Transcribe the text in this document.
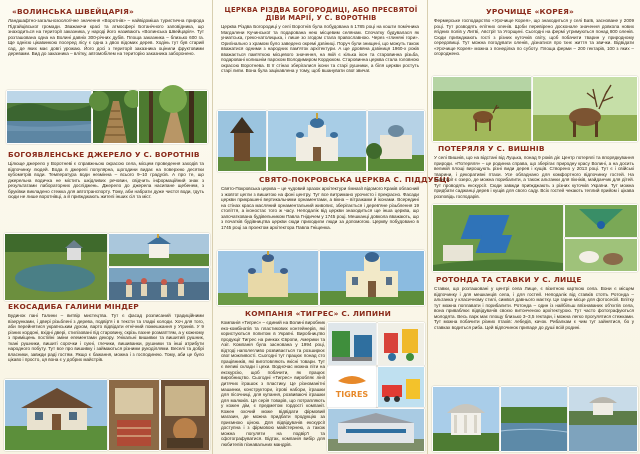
«ВОЛИНСЬКА ШВЕЙЦАРІЯ»
Ландшафтно-загальнозоологічне значення «Воротнів» – найвідоміша туристична природа Підгайцівської громади. Зважаючи красі та атмосфері Ботанічного заповідника, що знаходиться на території заказника, у народі його називають «Волинська Швейцарія». Тут розташована одна на Волині давніх 300-річних дубів. Площа заказника – близько 600 га. Ще однією цікавинкою посеред лісу є одна з двох відомих дерев. Ходінь тут був старий сад, де яких має довгі урожаю. Його досі з території заказника оцінили фруктовими деревами. Вид до заказника – влітку, автомобілем на територію заказника заборонено.
БОГОЯВЛЕНСЬКЕ ДЖЕРЕЛО У С. ВОРОТНІВ
Цілюще джерело у Воротневі є справжньою окрасою села, місцем проведення заходів та відпочинку людей. Вода в джерелі популярна, щогодини видає на поверхню десятки кубометрів води. Температура води незмінна – всього 9–10 градусів. А про те, що джерельна водичка не містить шкідливих речовин, свідчить інформаційний знак з результатами лабораторних досліджень. Джерело до джерела насипане щебенем, з бруківки викладено стежка для автотранспорту. Тому, аби набрати дуже чистої води, їдуть сюди не лише воротнівці, а й приїжджають жителі інших сіл та міст.
ЕКОСАДИБА ГАЛИНИ МІНДЕР
Будинок пані Галини – витвір мистецтва. Тут є фасад розписаний традиційними візерунками, і двері різьблені з дерева, подвір'я і в тексти та гладкі колоди. Хоч для того, аби перейнятися українським духом, варто відвідати етнічний помешкання у Угринів. У 9 різних кордоні, вхідні двері, стилізовані під старовину, скрізь пахне розмаїттям, а у кожному з приміщень постійні зміни елементами декору. Унікальні вишивки та вишитий рушник, ткані рушники, вишиті сорочки і сукні, глечики, вишиванки, рушники та інші атрибути народного побуту. Тут все про вишивку і займаються різними рукоділлями. Веселі та добрі власники, завжди раді гостям. Якщо є бажання, можна і з господинею. Тому, аби це було цікаво і просто, ця вона є у добрих майстрів.
ЦЕРКВА РІЗДВА БОГОРОДИЦІ, АБО ПРЕСВЯТОЇ ДІВИ МАРІЇ, У С. ВОРОТНІВ
Церква Різдва Богородиці у селі Воротнів була побудована в 1785 році на кошти помічника Магдалени Кучинської та подарована нею місцевим селянам. Спочатку будувалася як униатська, греко-католицька, і лише зо згодом стала православною. Через «глиняні гори». Оригінально з храмом було заведено окремі дзвіниці. Поруч були знищені, що можуть також вважатися одними з народних пам'яток архітектури. А ще дровяна дзвіниця 1960-х років вважається пам'яткою місцевого значення, на якій є кілька ікон та старовинна різьба, подаровані колишнім парохом Володимиром Кордюком. Старовинна церква стала головною окрасою Воротнева. В її стінах зберігалися ікони та старі рушники, а біля церкви ростуть старі липи. Вона була зацікавлена у тому, щоб вшанувати свої звичаї.
СВЯТО-ПОКРОВСЬКА ЦЕРКВА С. ПІДДУБЦІ
Свято-Покровська церква – це чудовий зразок архітектури гімназії відомого Краків обласний з жовтої цегли з вишитою на фоні центру. Тут все витримано урочисто і прекрасно. Фасади церкви прикрашені вертикальними орнаментами, а вікна – вітражами й іконами. Всередині на стінах краса масляний орнаментальний живопис, зберігається і дерев'яне різьблення 19 століття, а іконостас того ж часу. Неподалік від церкви знаходиться ще інша церква, що започаткована будівельником Павла Гнідичем у 1745 році. Мешканці довкола вважають, що з початків будівництва церкви сюди приходили люди за допомогою. Церкву побудовано в 1745 році за проектом архітектора Павла Гніщенка.
КОМПАНІЯ «ТИГРЕС» С. ЛИПИНИ
Компанія «Тигрес» – єдиний на Волині виробник еко-комбінатів та пластикових контейнерів, які користуються попитом в Україні. Виробництво продукції Тигрес на ринках Європи, Америки та Азії. Компанія була заснована у 1994 році, відтоді наполегливо розвивається та розширює свої можливості. Сьогодні тут працює понад сто працівників, які виготовляють якісні товари. Тут є великі склади і цехи. Водночас можна піти на екскурсію, щоб побачити, як працює виробництво. Сьогодні «Тигрес» виробляє лінії дитячих іграшок з пластику. Це різноманітні машинки, конструктори, ігрові набори, іграшки для пісочниці, для купання, розвиваючі іграшки для малюків. Ця серія товарів, що потрапляють у кожен дім, є предметом гордості компанії. Кожен охочий може відвідати фірмовий магазин, де можна придбати продукцію за приємною ціною. Для відвідувачів екскурсії доступна і з фірмовою майстернею, а також можна погуляти на подвір'ї та сфотографуватися. Відтак, компанія вибір для любителів пізнавальних мандрів.
TIGRES
УРОЧИЩЕ «КОРЕЯ»
Фермерське господарство «Урочище Корея», що знаходиться у селі Баїв, засноване у 2009 році. Тут розводять елітних оленів. Щоби перевірено досконале значення довкола нових ягідних полів у Литві, Австрії та Угорщині. Сьогодні на фермі утримуються понад 800 оленів. Сюди приїжджають гості з різних куточків світу, щоб побачити тварин у природному середовищі. Тут можна погодувати оленів, дізнатися про їхнє життя та звички. Відвідати «Урочище Корея» можна з понеділка по суботу. Площа ферми – 200 гектарів, 100 з яких – огороджено.
ПОТЕРЯЛЯ У С. ВИШНІВ
У селі Вишнів, що на відстані від Луцька, понад 9 років діє Центр потерялі та впорядкування природи. «Потеряля» – це родинна справа, що зберігає природну красу Волині, а на досить великій площі вирощують різні види дерев і кущів. Створено у 2013 році. Тут є і свійські тварини, і декоративні птахи. Усе обладнано для комфортного відпочинку гостей. На території є озеро, де можна порибалити, а також альтанки для пікніків, майданчик для дітей. Тут проводять екскурсії. Сюди завжди приїжджають з різних куточків України. Тут можна придбати саджанці дерев і кущів для свого саду. Всіх гостей чекають теплий прийом і цікава розповідь господарів.
РОТОНДА ТА СТАВКИ У С. ЛИЩЕ
Ставки, що розташовані у центрі села Лище, є візитною карткою села. Вони є місцем відпочинку і для мешканців села, і для гостей. Неподалік від ставків стоїть Ротонда – альтанка у класичному стилі, символ давнього маєтку. Це гарне місце для фотосесій. Влітку тут можна поплавати і порибалити. Ротонда – один із найбільш впізнаваних об'єктів села, вона приваблює відвідувачів своєю витонченою архітектурою. Тут часто фотографуються молодята. Весь парк має площу близько 3–3,5 гектари, і можна легко прогулятися стежками. Тут можна побачити різних птахів: лебедів, качок. Рибалкам є чим тут зайнятися, бо у ставках водиться риба. Цей відпочинок припаде до душі всій родині.
